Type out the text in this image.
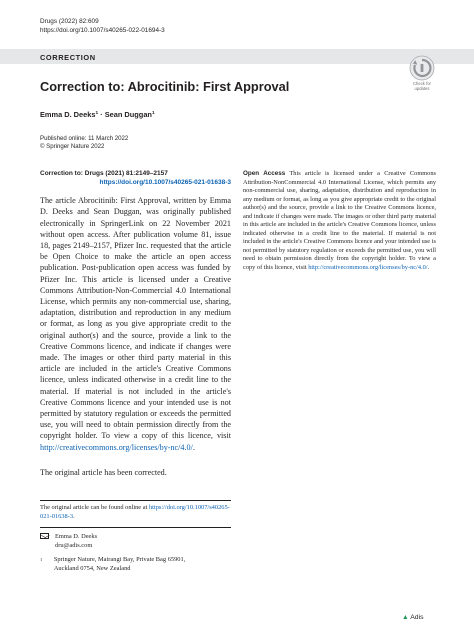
Drugs (2022) 82:609
https://doi.org/10.1007/s40265-022-01694-3
CORRECTION
Check for
updates
Correction to: Abrocitinib: First Approval
Emma D. Deeks$^1$ · Sean Duggan$^1$
Published online: 11 March 2022
© Springer Nature 2022
Correction to: Drugs (2021) 81:2149–2157
https://doi.org/10.1007/s40265-021-01638-3
The article Abrocitinib: First Approval, written by Emma D. Deeks and Sean Duggan, was originally published electronically in SpringerLink on 22 November 2021 without open access. After publication volume 81, issue 18, pages 2149–2157, Pfizer Inc. requested that the article be Open Choice to make the article an open access publication. Post-publication open access was funded by Pfizer Inc. This article is licensed under a Creative Commons Attribution-Non-Commercial 4.0 International License, which permits any non-commercial use, sharing, adaptation, distribution and reproduction in any medium or format, as long as you give appropriate credit to the original author(s) and the source, provide a link to the Creative Commons licence, and indicate if changes were made. The images or other third party material in this article are included in the article's Creative Commons licence, unless indicated otherwise in a credit line to the material. If material is not included in the article's Creative Commons licence and your intended use is not permitted by statutory regulation or exceeds the permitted use, you will need to obtain permission directly from the copyright holder. To view a copy of this licence, visit http://creativecommons.org/licenses/by-nc/4.0/.
The original article has been corrected.
Open Access This article is licensed under a Creative Commons Attribution-NonCommercial 4.0 International License, which permits any non-commercial use, sharing, adaptation, distribution and reproduction in any medium or format, as long as you give appropriate credit to the original author(s) and the source, provide a link to the Creative Commons licence, and indicate if changes were made. The images or other third party material in this article are included in the article's Creative Commons licence, unless indicated otherwise in a credit line to the material. If material is not included in the article's Creative Commons licence and your intended use is not permitted by statutory regulation or exceeds the permitted use, you will need to obtain permission directly from the copyright holder. To view a copy of this licence, visit http://creativecommons.org/licenses/by-nc/4.0/.
The original article can be found online at https://doi.org/10.1007/s40265-021-01638-3.
Emma D. Deeks
dru@adis.com
$^1$ Springer Nature, Mairangi Bay, Private Bag 65901,
Auckland 0754, New Zealand
▲ Adis
